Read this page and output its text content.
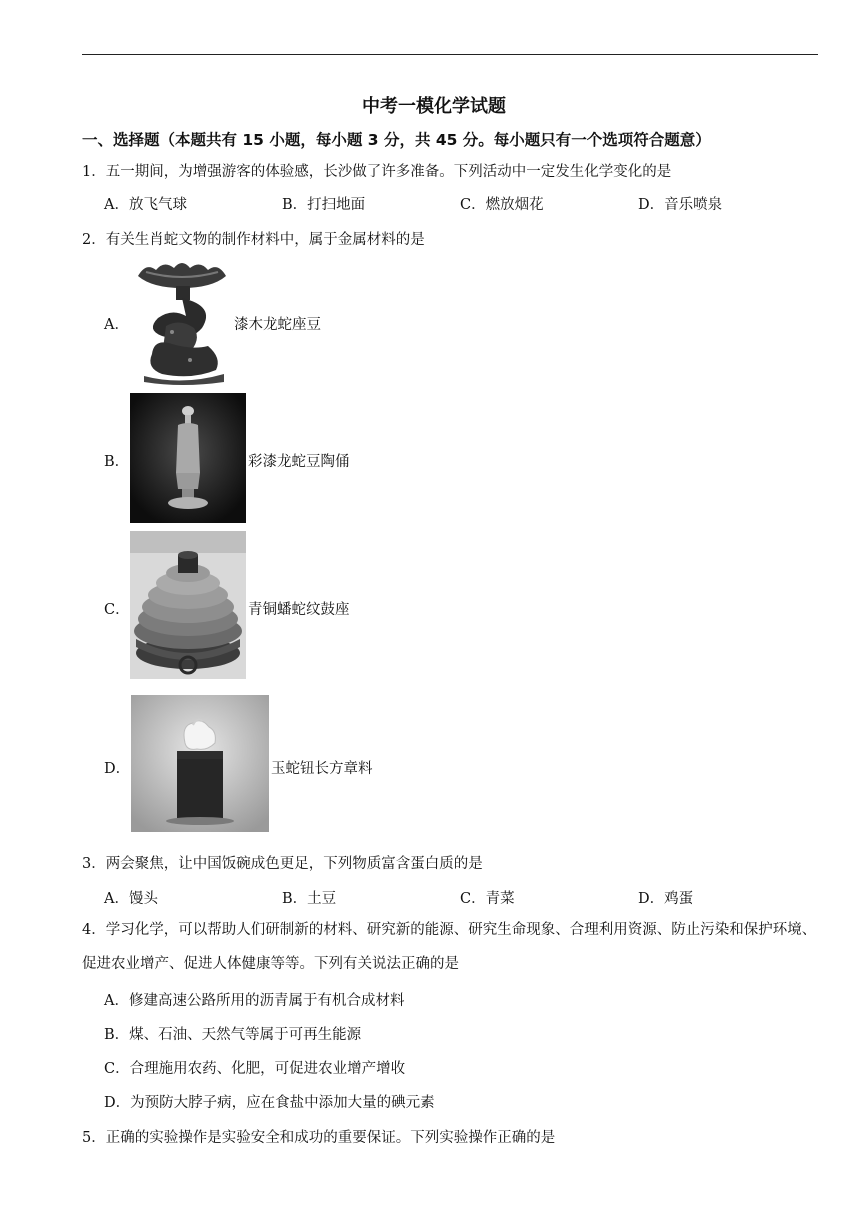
中考一模化学试题
一、选择题（本题共有 15 小题，每小题 3 分，共 45 分。每小题只有一个选项符合题意）
1．五一期间，为增强游客的体验感，长沙做了许多准备。下列活动中一定发生化学变化的是
A．放飞气球	B．打扫地面	C．燃放烟花	D．音乐喷泉
2．有关生肖蛇文物的制作材料中，属于金属材料的是
A．	漆木龙蛇座豆
B．	彩漆龙蛇豆陶俑
C．	青铜蟠蛇纹鼓座
D．	玉蛇钮长方章料
3．两会聚焦，让中国饭碗成色更足，下列物质富含蛋白质的是
A．馒头	B．土豆	C．青菜	D．鸡蛋
4．学习化学，可以帮助人们研制新的材料、研究新的能源、研究生命现象、合理利用资源、防止污染和保护环境、促进农业增产、促进人体健康等等。下列有关说法正确的是
A．修建高速公路所用的沥青属于有机合成材料
B．煤、石油、天然气等属于可再生能源
C．合理施用农药、化肥，可促进农业增产增收
D．为预防大脖子病，应在食盐中添加大量的碘元素
5．正确的实验操作是实验安全和成功的重要保证。下列实验操作正确的是
